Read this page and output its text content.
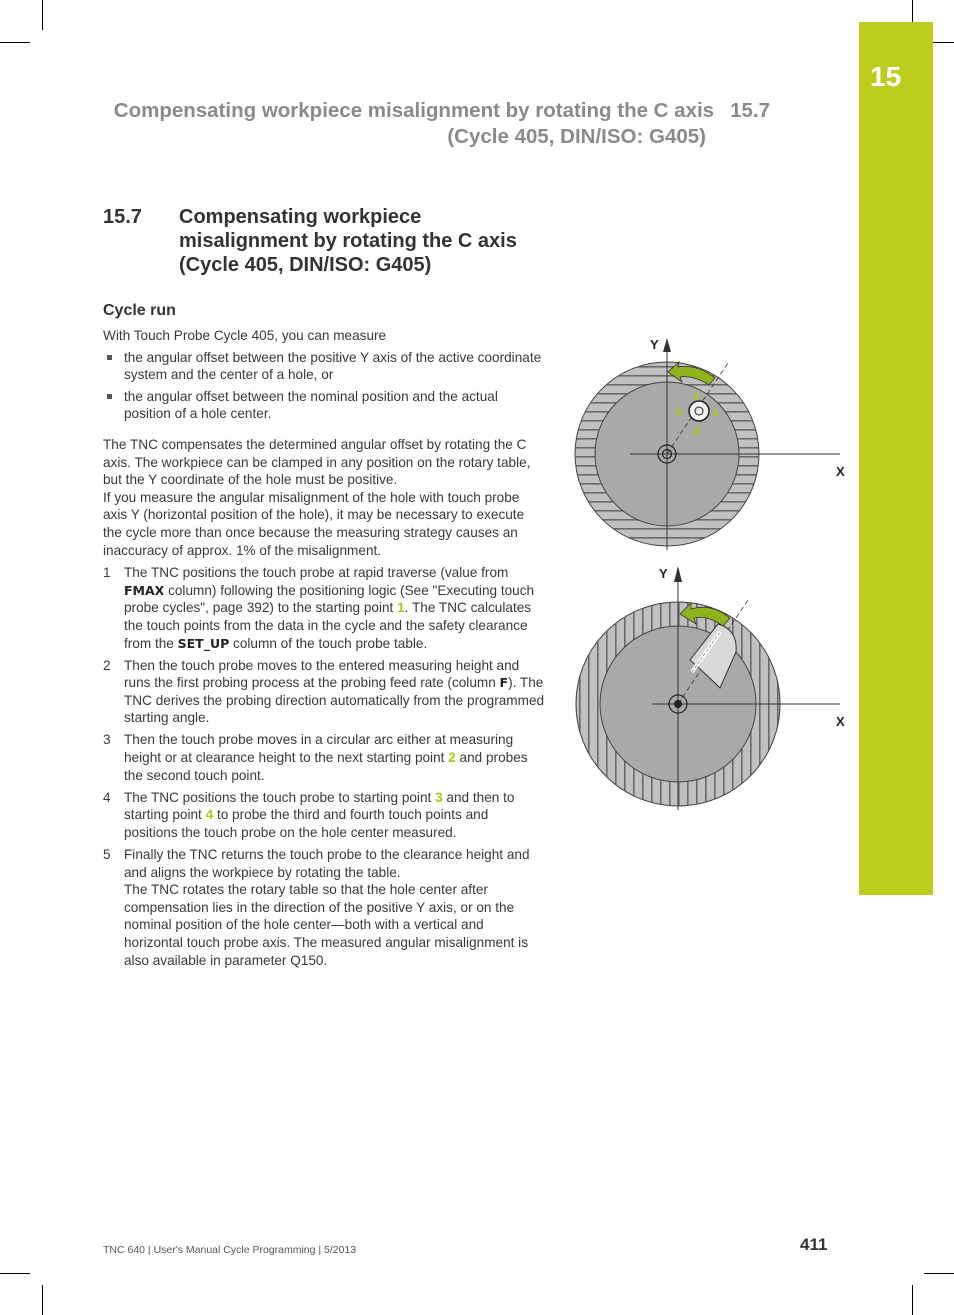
15
Compensating workpiece misalignment by rotating the C axis 15.7
(Cycle 405, DIN/ISO: G405)
15.7 Compensating workpiece misalignment by rotating the C axis (Cycle 405, DIN/ISO: G405)
Cycle run

With Touch Probe Cycle 405, you can measure

the angular offset between the positive Y axis of the active coordinate system and the center of a hole, or
the angular offset between the nominal position and the actual position of a hole center.

The TNC compensates the determined angular offset by rotating the C axis. The workpiece can be clamped in any position on the rotary table, but the Y coordinate of the hole must be positive.

If you measure the angular misalignment of the hole with touch probe axis Y (horizontal position of the hole), it may be necessary to execute the cycle more than once because the measuring strategy causes an inaccuracy of approx. 1% of the misalignment.

1 The TNC positions the touch probe at rapid traverse (value from FMAX column) following the positioning logic (See "Executing touch probe cycles", page 392) to the starting point 1. The TNC calculates the touch points from the data in the cycle and the safety clearance from the SET_UP column of the touch probe table.
2 Then the touch probe moves to the entered measuring height and runs the first probing process at the probing feed rate (column F). The TNC derives the probing direction automatically from the programmed starting angle.
3 Then the touch probe moves in a circular arc either at measuring height or at clearance height to the next starting point 2 and probes the second touch point.
4 The TNC positions the touch probe to starting point 3 and then to starting point 4 to probe the third and fourth touch points and positions the touch probe on the hole center measured.
5 Finally the TNC returns the touch probe to the clearance height and and aligns the workpiece by rotating the table.
The TNC rotates the rotary table so that the hole center after compensation lies in the direction of the positive Y axis, or on the nominal position of the hole center—both with a vertical and horizontal touch probe axis. The measured angular misalignment is also available in parameter Q150.
Y
X
2
3	1
4
Y
X
TNC 640 | User's Manual Cycle Programming | 5/2013	411
